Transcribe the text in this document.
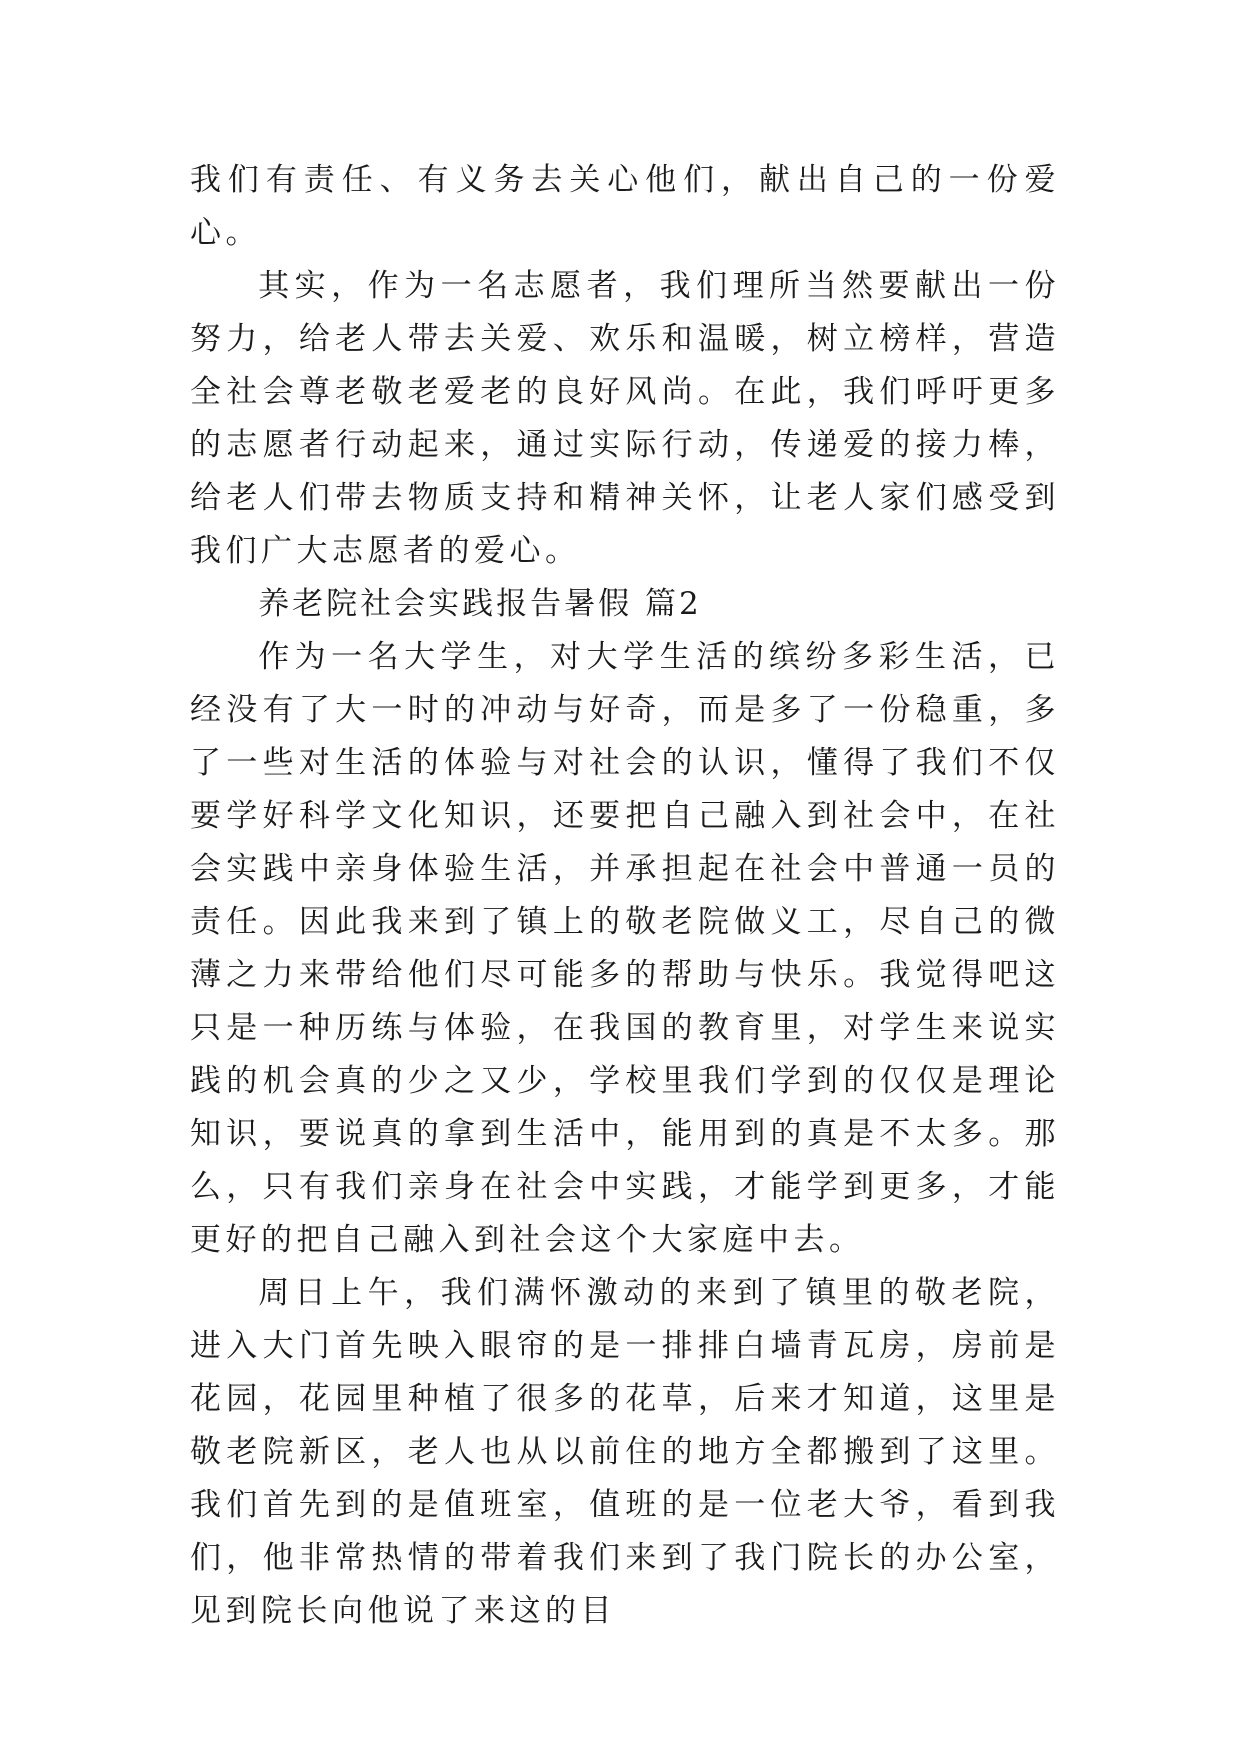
我们有责任、有义务去关心他们，献出自己的一份爱心。

其实，作为一名志愿者，我们理所当然要献出一份努力，给老人带去关爱、欢乐和温暖，树立榜样，营造全社会尊老敬老爱老的良好风尚。在此，我们呼吁更多的志愿者行动起来，通过实际行动，传递爱的接力棒，给老人们带去物质支持和精神关怀，让老人家们感受到我们广大志愿者的爱心。

养老院社会实践报告暑假 篇2

作为一名大学生，对大学生活的缤纷多彩生活，已经没有了大一时的冲动与好奇，而是多了一份稳重，多了一些对生活的体验与对社会的认识，懂得了我们不仅要学好科学文化知识，还要把自己融入到社会中，在社会实践中亲身体验生活，并承担起在社会中普通一员的责任。因此我来到了镇上的敬老院做义工，尽自己的微薄之力来带给他们尽可能多的帮助与快乐。我觉得吧这只是一种历练与体验，在我国的教育里，对学生来说实践的机会真的少之又少，学校里我们学到的仅仅是理论知识，要说真的拿到生活中，能用到的真是不太多。那么，只有我们亲身在社会中实践，才能学到更多，才能更好的把自己融入到社会这个大家庭中去。

周日上午，我们满怀激动的来到了镇里的敬老院，进入大门首先映入眼帘的是一排排白墙青瓦房，房前是花园，花园里种植了很多的花草，后来才知道，这里是敬老院新区，老人也从以前住的地方全都搬到了这里。我们首先到的是值班室，值班的是一位老大爷，看到我们，他非常热情的带着我们来到了我门院长的办公室，见到院长向他说了来这的目
